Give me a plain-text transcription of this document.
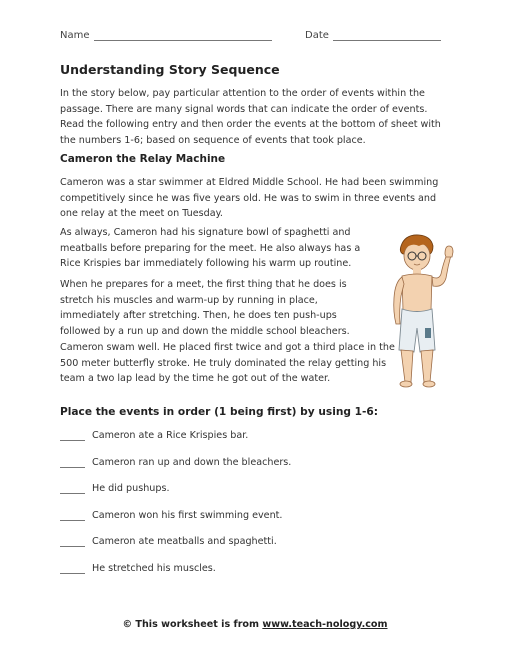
Name	Date
Understanding Story Sequence

In the story below, pay particular attention to the order of events within the passage. There are many signal words that can indicate the order of events. Read the following entry and then order the events at the bottom of sheet with the numbers 1-6; based on sequence of events that took place.

Cameron the Relay Machine

Cameron was a star swimmer at Eldred Middle School. He had been swimming competitively since he was five years old. He was to swim in three events and one relay at the meet on Tuesday.

As always, Cameron had his signature bowl of spaghetti and meatballs before preparing for the meet. He also always has a Rice Krispies bar immediately following his warm up routine.

When he prepares for a meet, the first thing that he does is stretch his muscles and warm-up by running in place, immediately after stretching. Then, he does ten push-ups followed by a run up and down the middle school bleachers.

Cameron swam well. He placed first twice and got a third place in the 500 meter butterfly stroke. He truly dominated the relay getting his team a two lap lead by the time he got out of the water.

Place the events in order (1 being first) by using 1-6:
Cameron ate a Rice Krispies bar.
Cameron ran up and down the bleachers.
He did pushups.
Cameron won his first swimming event.
Cameron ate meatballs and spaghetti.
He stretched his muscles.
© This worksheet is from www.teach-nology.com
